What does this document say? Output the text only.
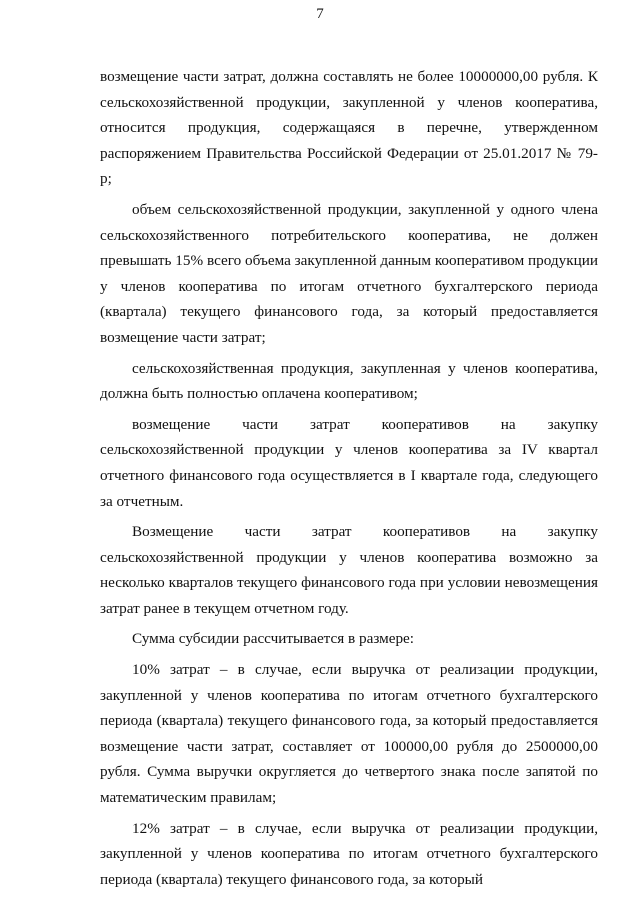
7

возмещение части затрат, должна составлять не более 10000000,00 рубля. К сельскохозяйственной продукции, закупленной у членов кооператива, относится продукция, содержащаяся в перечне, утвержденном распоряжением Правительства Российской Федерации от 25.01.2017 № 79-р;

объем сельскохозяйственной продукции, закупленной у одного члена сельскохозяйственного потребительского кооператива, не должен превышать 15% всего объема закупленной данным кооперативом продукции у членов кооператива по итогам отчетного бухгалтерского периода (квартала) текущего финансового года, за который предоставляется возмещение части затрат;

сельскохозяйственная продукция, закупленная у членов кооператива, должна быть полностью оплачена кооперативом;

возмещение части затрат кооперативов на закупку сельскохозяйственной продукции у членов кооператива за IV квартал отчетного финансового года осуществляется в I квартале года, следующего за отчетным.

Возмещение части затрат кооперативов на закупку сельскохозяйственной продукции у членов кооператива возможно за несколько кварталов текущего финансового года при условии невозмещения затрат ранее в текущем отчетном году.

Сумма субсидии рассчитывается в размере:

10% затрат – в случае, если выручка от реализации продукции, закупленной у членов кооператива по итогам отчетного бухгалтерского периода (квартала) текущего финансового года, за который предоставляется возмещение части затрат, составляет от 100000,00 рубля до 2500000,00 рубля. Сумма выручки округляется до четвертого знака после запятой по математическим правилам;

12% затрат – в случае, если выручка от реализации продукции, закупленной у членов кооператива по итогам отчетного бухгалтерского периода (квартала) текущего финансового года, за который
